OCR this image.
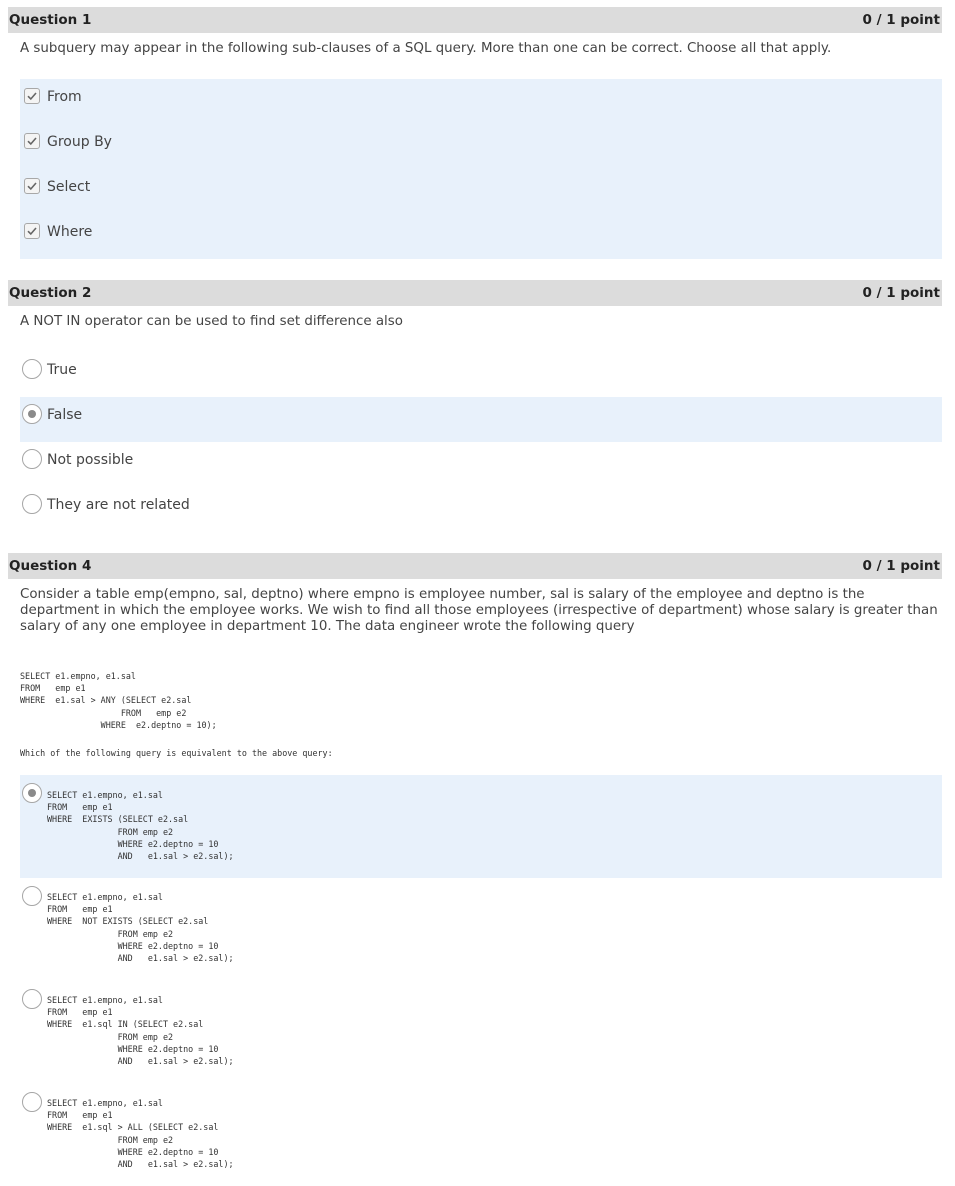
Question 1	0 / 1 point
A subquery may appear in the following sub-clauses of a SQL query. More than one can be correct. Choose all that apply.
From
Group By
Select
Where
Question 2	0 / 1 point
A NOT IN operator can be used to find set difference also
True
False
Not possible
They are not related
Question 4	0 / 1 point
Consider a table emp(empno, sal, deptno) where empno is employee number, sal is salary of the employee and deptno is the department in which the employee works. We wish to find all those employees (irrespective of department) whose salary is greater than salary of any one employee in department 10. The data engineer wrote the following query
SELECT e1.empno, e1.sal
FROM   emp e1
WHERE  e1.sal > ANY (SELECT e2.sal
FROM   emp e2
WHERE  e2.deptno = 10);
Which of the following query is equivalent to the above query:
SELECT e1.empno, e1.sal
FROM   emp e1
WHERE  EXISTS (SELECT e2.sal
FROM emp e2
WHERE e2.deptno = 10
AND   e1.sal > e2.sal);
SELECT e1.empno, e1.sal
FROM   emp e1
WHERE  NOT EXISTS (SELECT e2.sal
FROM emp e2
WHERE e2.deptno = 10
AND   e1.sal > e2.sal);
SELECT e1.empno, e1.sal
FROM   emp e1
WHERE  e1.sql IN (SELECT e2.sal
FROM emp e2
WHERE e2.deptno = 10
AND   e1.sal > e2.sal);
SELECT e1.empno, e1.sal
FROM   emp e1
WHERE  e1.sql > ALL (SELECT e2.sal
FROM emp e2
WHERE e2.deptno = 10
AND   e1.sal > e2.sal);
